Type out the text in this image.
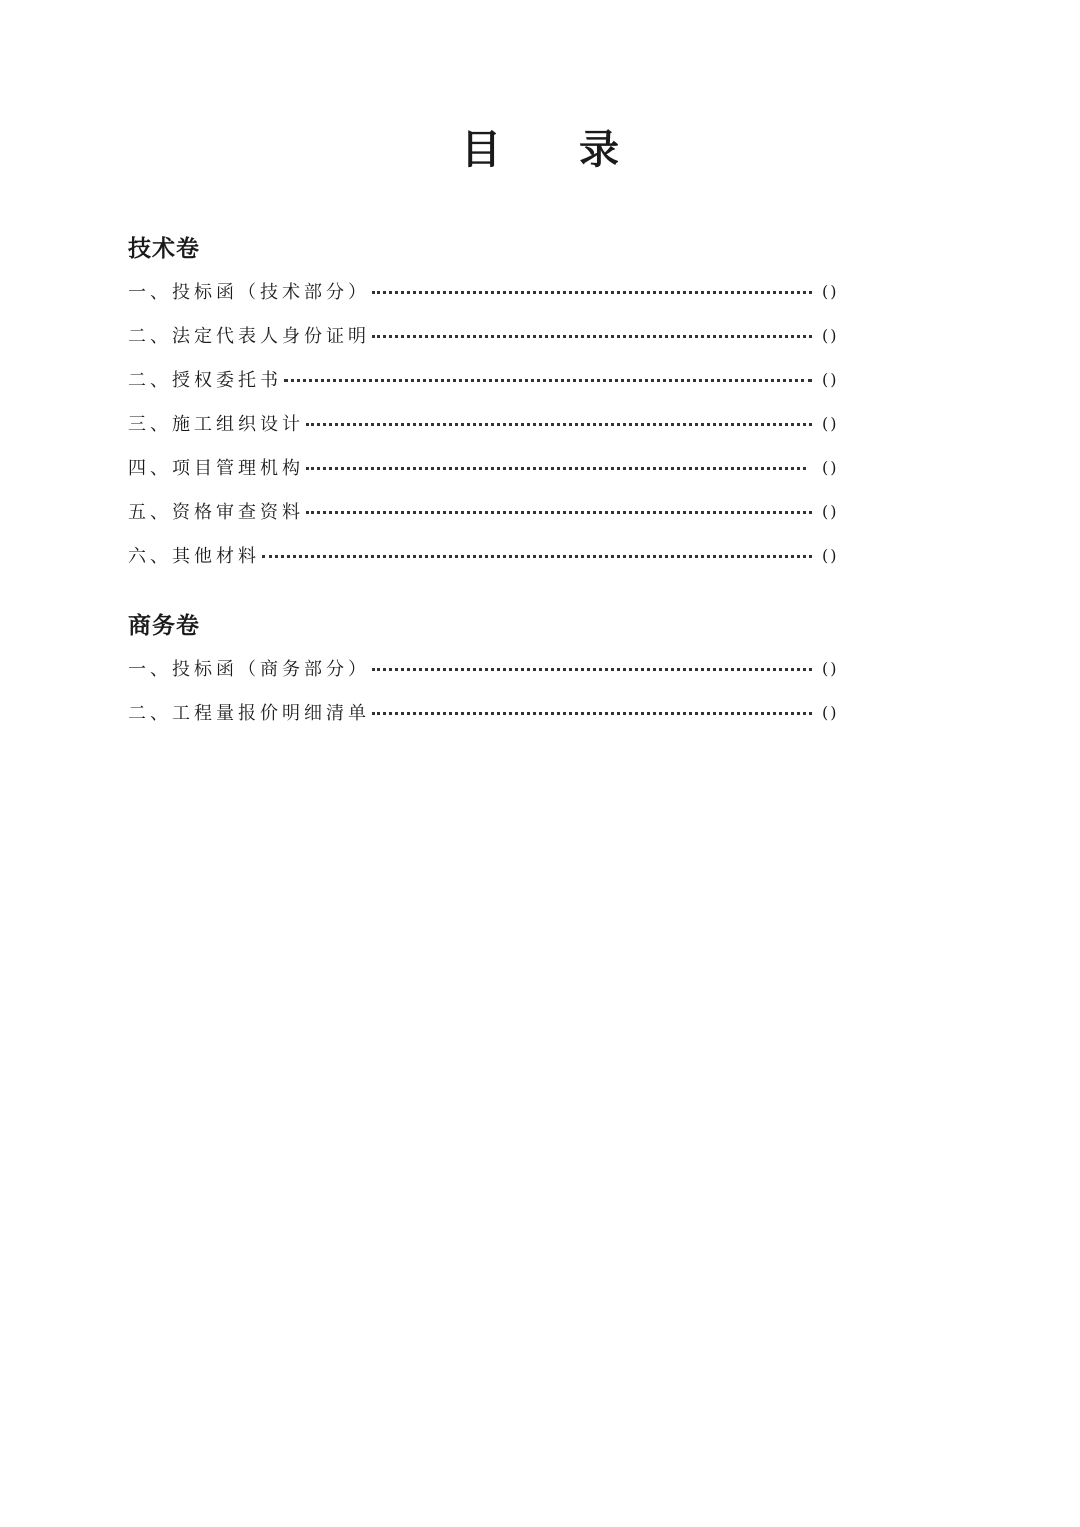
目 录
技术卷
一、投标函（技术部分）	()
二、法定代表人身份证明	()
二、授权委托书	()
三、施工组织设计	()
四、项目管理机构	()
五、资格审查资料	()
六、其他材料	()
商务卷
一、投标函（商务部分）	()
二、工程量报价明细清单	()
